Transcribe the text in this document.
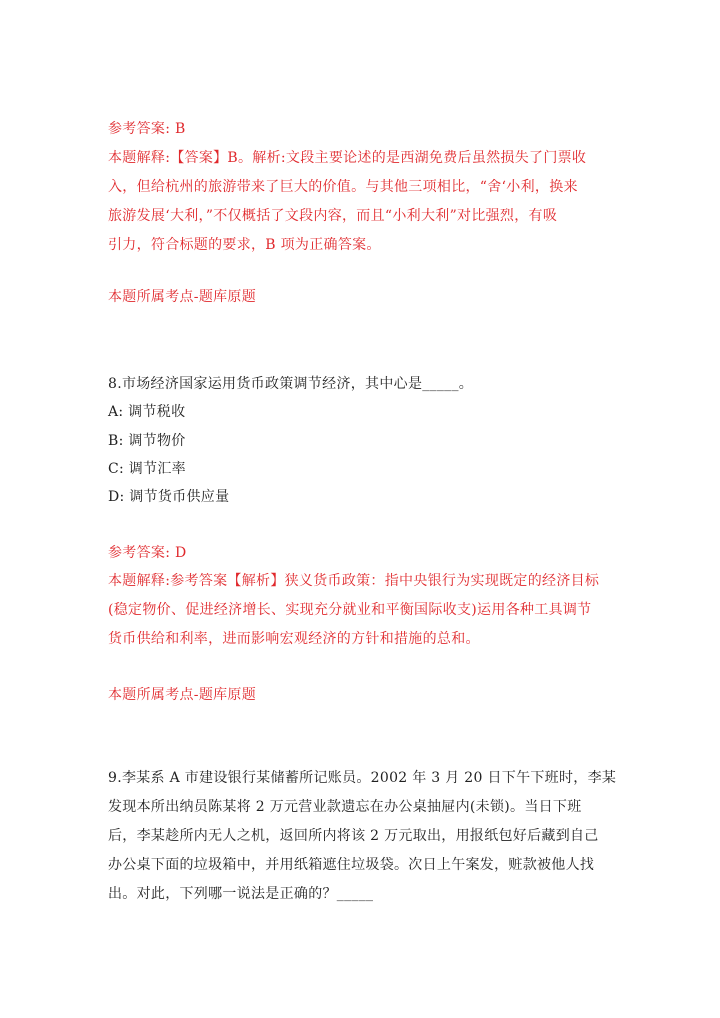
参考答案: B
本题解释:【答案】B。解析:文段主要论述的是西湖免费后虽然损失了门票收
入，但给杭州的旅游带来了巨大的价值。与其他三项相比，“舍‘小利，换来
旅游发展‘大利，”不仅概括了文段内容，而且“小利大利”对比强烈，有吸
引力，符合标题的要求，B 项为正确答案。
本题所属考点-题库原题
8.市场经济国家运用货币政策调节经济，其中心是_____。
A: 调节税收
B: 调节物价
C: 调节汇率
D: 调节货币供应量
参考答案: D
本题解释:参考答案【解析】狭义货币政策：指中央银行为实现既定的经济目标
(稳定物价、促进经济增长、实现充分就业和平衡国际收支)运用各种工具调节
货币供给和利率，进而影响宏观经济的方针和措施的总和。
本题所属考点-题库原题
9.李某系 A 市建设银行某储蓄所记账员。2002 年 3 月 20 日下午下班时，李某
发现本所出纳员陈某将 2 万元营业款遗忘在办公桌抽屉内(未锁)。当日下班
后，李某趁所内无人之机，返回所内将该 2 万元取出，用报纸包好后藏到自己
办公桌下面的垃圾箱中，并用纸箱遮住垃圾袋。次日上午案发，赃款被他人找
出。对此，下列哪一说法是正确的？_____
